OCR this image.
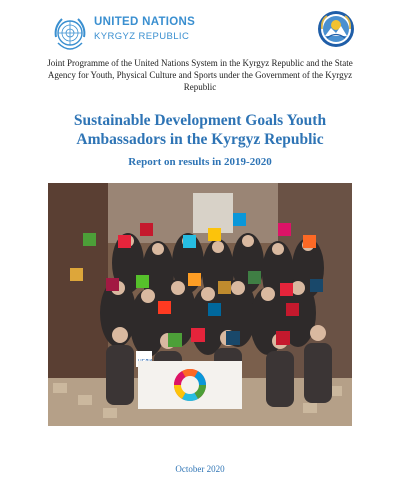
UNITED NATIONS
KYRGYZ REPUBLIC
Joint Programme of the United Nations System in the Kyrgyz Republic and the State Agency for Youth, Physical Culture and Sports under the Government of the Kyrgyz Republic
Sustainable Development Goals Youth Ambassadors in the Kyrgyz Republic
Report on results in 2019-2020
October 2020
